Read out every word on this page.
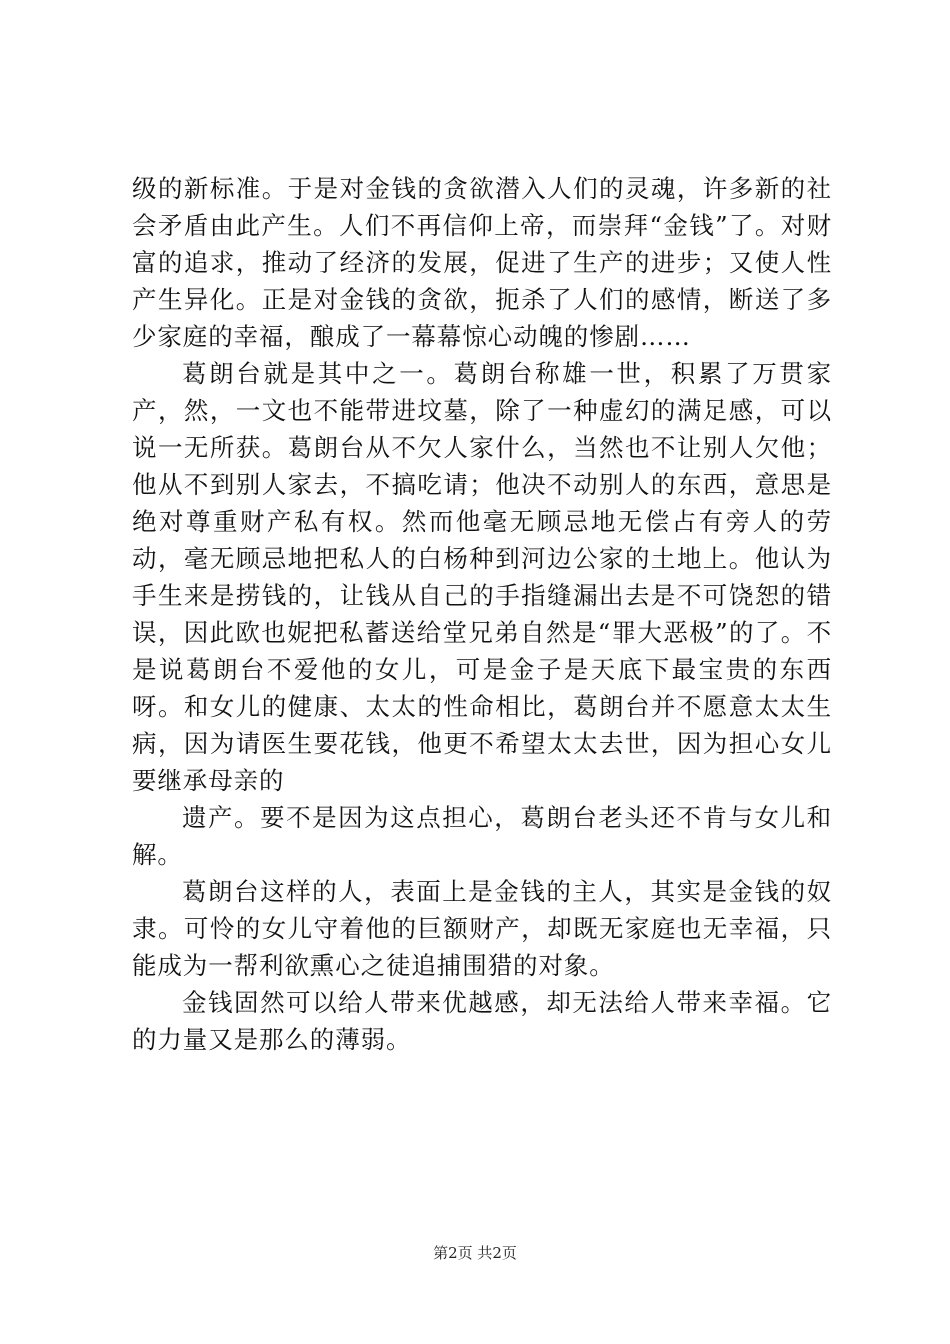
级的新标准。于是对金钱的贪欲潜入人们的灵魂，许多新的社会矛盾由此产生。人们不再信仰上帝，而崇拜“金钱”了。对财富的追求，推动了经济的发展，促进了生产的进步；又使人性产生异化。正是对金钱的贪欲，扼杀了人们的感情，断送了多少家庭的幸福，酿成了一幕幕惊心动魄的惨剧……

葛朗台就是其中之一。葛朗台称雄一世，积累了万贯家产，然，一文也不能带进坟墓，除了一种虚幻的满足感，可以说一无所获。葛朗台从不欠人家什么，当然也不让别人欠他；他从不到别人家去，不搞吃请；他决不动别人的东西，意思是绝对尊重财产私有权。然而他毫无顾忌地无偿占有旁人的劳动，毫无顾忌地把私人的白杨种到河边公家的土地上。他认为手生来是捞钱的，让钱从自己的手指缝漏出去是不可饶恕的错误，因此欧也妮把私蓄送给堂兄弟自然是“罪大恶极”的了。不是说葛朗台不爱他的女儿，可是金子是天底下最宝贵的东西呀。和女儿的健康、太太的性命相比，葛朗台并不愿意太太生病，因为请医生要花钱，他更不希望太太去世，因为担心女儿要继承母亲的

遗产。要不是因为这点担心，葛朗台老头还不肯与女儿和解。

葛朗台这样的人，表面上是金钱的主人，其实是金钱的奴隶。可怜的女儿守着他的巨额财产，却既无家庭也无幸福，只能成为一帮利欲熏心之徒追捕围猎的对象。

金钱固然可以给人带来优越感，却无法给人带来幸福。它的力量又是那么的薄弱。

第2页 共2页
